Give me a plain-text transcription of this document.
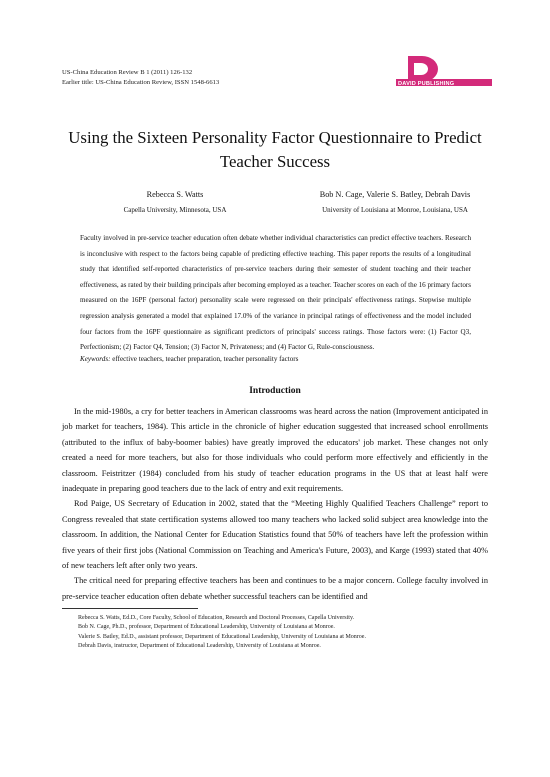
US-China Education Review B 1 (2011) 126-132
Earlier title: US-China Education Review, ISSN 1548-6613	DAVID PUBLISHING
Using the Sixteen Personality Factor Questionnaire to Predict
Teacher Success
Rebecca S. Watts
Capella University, Minnesota, USA
Bob N. Cage, Valerie S. Batley, Debrah Davis
University of Louisiana at Monroe, Louisiana, USA
Faculty involved in pre-service teacher education often debate whether individual characteristics can predict effective teachers. Research is inconclusive with respect to the factors being capable of predicting effective teaching. This paper reports the results of a longitudinal study that identified self-reported characteristics of pre-service teachers during their semester of student teaching and their teacher effectiveness, as rated by their building principals after becoming employed as a teacher. Teacher scores on each of the 16 primary factors measured on the 16PF (personal factor) personality scale were regressed on their principals' effectiveness ratings. Stepwise multiple regression analysis generated a model that explained 17.0% of the variance in principal ratings of effectiveness and the model included four factors from the 16PF questionnaire as significant predictors of principals' success ratings. Those factors were: (1) Factor Q3, Perfectionism; (2) Factor Q4, Tension; (3) Factor N, Privateness; and (4) Factor G, Rule-consciousness.
Keywords: effective teachers, teacher preparation, teacher personality factors
Introduction

In the mid-1980s, a cry for better teachers in American classrooms was heard across the nation (Improvement anticipated in job market for teachers, 1984). This article in the chronicle of higher education suggested that increased school enrollments (attributed to the influx of baby-boomer babies) have greatly improved the educators' job market. These changes not only created a need for more teachers, but also for those individuals who could perform more effectively and efficiently in the classroom. Feistritzer (1984) concluded from his study of teacher education programs in the US that at least half were inadequate in preparing good teachers due to the lack of entry and exit requirements.

Rod Paige, US Secretary of Education in 2002, stated that the “Meeting Highly Qualified Teachers Challenge” report to Congress revealed that state certification systems allowed too many teachers who lacked solid subject area knowledge into the classroom. In addition, the National Center for Education Statistics found that 50% of teachers have left the profession within five years of their first jobs (National Commission on Teaching and America's Future, 2003), and Karge (1993) stated that 40% of new teachers left after only two years.

The critical need for preparing effective teachers has been and continues to be a major concern. College faculty involved in pre-service teacher education often debate whether successful teachers can be identified and

Rebecca S. Watts, Ed.D., Core Faculty, School of Education, Research and Doctoral Processes, Capella University.
Bob N. Cage, Ph.D., professor, Department of Educational Leadership, University of Louisiana at Monroe.
Valerie S. Batley, Ed.D., assistant professor, Department of Educational Leadership, University of Louisiana at Monroe.
Debrah Davis, instructor, Department of Educational Leadership, University of Louisiana at Monroe.
